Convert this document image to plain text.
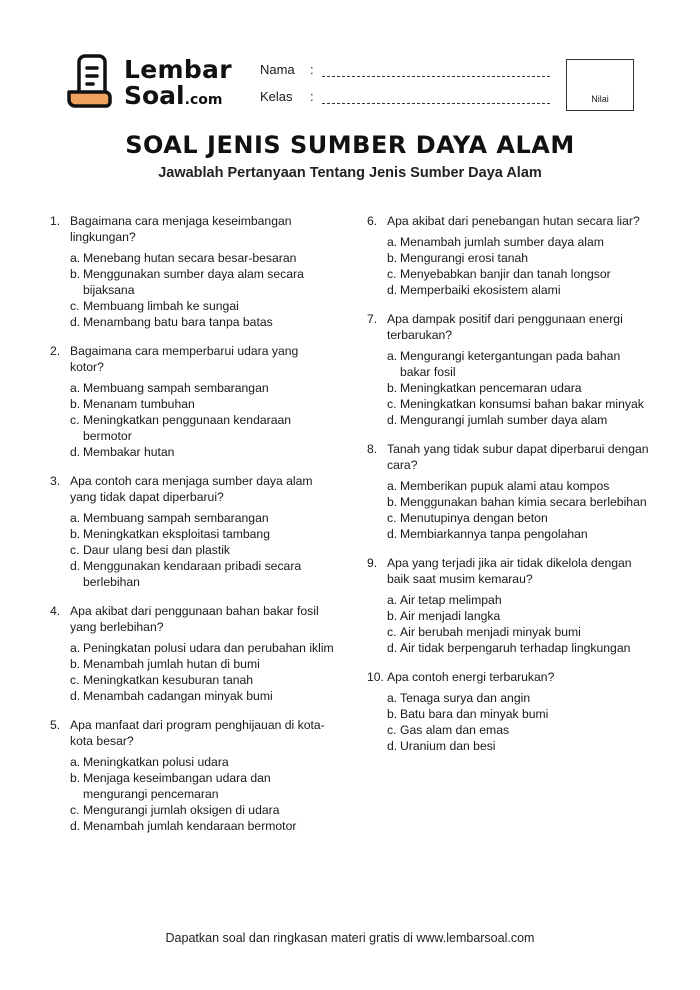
Lembar
Soal.com
Nama	:
Kelas	:	Nilai
SOAL JENIS SUMBER DAYA ALAM
Jawablah Pertanyaan Tentang Jenis Sumber Daya Alam
1. Bagaimana cara menjaga keseimbangan lingkungan?
a. Menebang hutan secara besar-besaran
b. Menggunakan sumber daya alam secara bijaksana
c. Membuang limbah ke sungai
d. Menambang batu bara tanpa batas
2. Bagaimana cara memperbarui udara yang kotor?
a. Membuang sampah sembarangan
b. Menanam tumbuhan
c. Meningkatkan penggunaan kendaraan bermotor
d. Membakar hutan
3. Apa contoh cara menjaga sumber daya alam yang tidak dapat diperbarui?
a. Membuang sampah sembarangan
b. Meningkatkan eksploitasi tambang
c. Daur ulang besi dan plastik
d. Menggunakan kendaraan pribadi secara berlebihan
4. Apa akibat dari penggunaan bahan bakar fosil yang berlebihan?
a. Peningkatan polusi udara dan perubahan iklim
b. Menambah jumlah hutan di bumi
c. Meningkatkan kesuburan tanah
d. Menambah cadangan minyak bumi
5. Apa manfaat dari program penghijauan di kota-kota besar?
a. Meningkatkan polusi udara
b. Menjaga keseimbangan udara dan mengurangi pencemaran
c. Mengurangi jumlah oksigen di udara
d. Menambah jumlah kendaraan bermotor
6. Apa akibat dari penebangan hutan secara liar?
a. Menambah jumlah sumber daya alam
b. Mengurangi erosi tanah
c. Menyebabkan banjir dan tanah longsor
d. Memperbaiki ekosistem alami
7. Apa dampak positif dari penggunaan energi terbarukan?
a. Mengurangi ketergantungan pada bahan bakar fosil
b. Meningkatkan pencemaran udara
c. Meningkatkan konsumsi bahan bakar minyak
d. Mengurangi jumlah sumber daya alam
8. Tanah yang tidak subur dapat diperbarui dengan cara?
a. Memberikan pupuk alami atau kompos
b. Menggunakan bahan kimia secara berlebihan
c. Menutupinya dengan beton
d. Membiarkannya tanpa pengolahan
9. Apa yang terjadi jika air tidak dikelola dengan baik saat musim kemarau?
a. Air tetap melimpah
b. Air menjadi langka
c. Air berubah menjadi minyak bumi
d. Air tidak berpengaruh terhadap lingkungan
10. Apa contoh energi terbarukan?
a. Tenaga surya dan angin
b. Batu bara dan minyak bumi
c. Gas alam dan emas
d. Uranium dan besi
Dapatkan soal dan ringkasan materi gratis di www.lembarsoal.com
